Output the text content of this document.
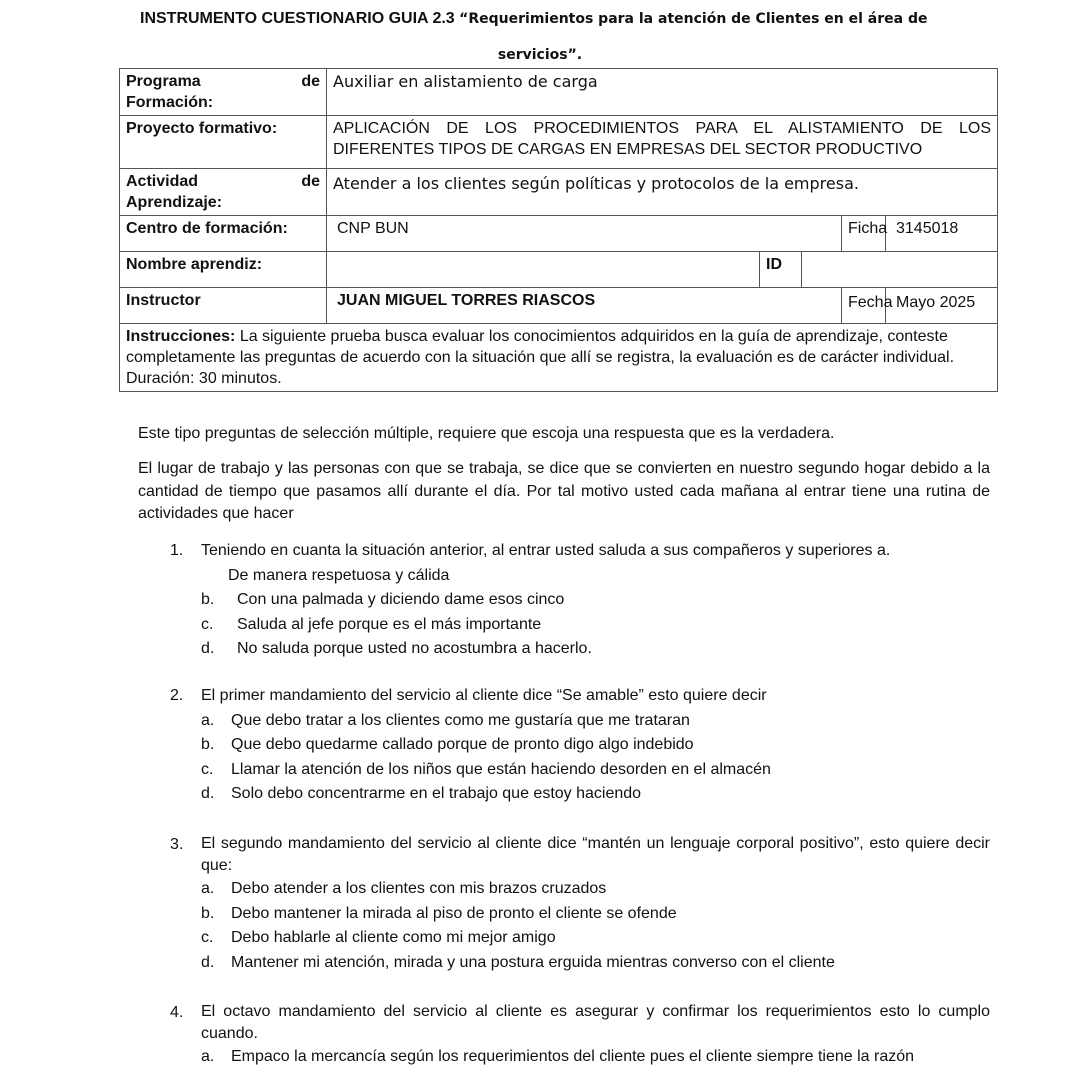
INSTRUMENTO CUESTIONARIO GUIA 2.3 “Requerimientos para la atención de Clientes en el área de
servicios”.
Programa de
Formación:	Auxiliar en alistamiento de carga				
Proyecto formativo:	APLICACIÓN DE LOS PROCEDIMIENTOS PARA EL ALISTAMIENTO DE LOS DIFERENTES TIPOS DE CARGAS EN EMPRESAS DEL SECTOR PRODUCTIVO				

Actividad de
Aprendizaje:	Atender a los clientes según políticas y protocolos de la empresa.				
Centro de formación:	CNP BUN			Ficha	3145018
Nombre aprendiz:		ID			
Instructor	JUAN MIGUEL TORRES RIASCOS			Fecha	Mayo 2025
Instrucciones: La siguiente prueba busca evaluar los conocimientos adquiridos en la guía de aprendizaje, conteste completamente las preguntas de acuerdo con la situación que allí se registra, la evaluación es de carácter individual. Duración: 30 minutos.					

Este tipo preguntas de selección múltiple, requiere que escoja una respuesta que es la verdadera.

El lugar de trabajo y las personas con que se trabaja, se dice que se convierten en nuestro segundo hogar debido a la cantidad de tiempo que pasamos allí durante el día. Por tal motivo usted cada mañana al entrar tiene una rutina de actividades que hacer

1.	Teniendo en cuanta la situación anterior, al entrar usted saluda a sus compañeros y superiores a.
De manera respetuosa y cálida
b.	Con una palmada y diciendo dame esos cinco
c.	Saluda al jefe porque es el más importante
d.	No saluda porque usted no acostumbra a hacerlo.
2.	El primer mandamiento del servicio al cliente dice “Se amable” esto quiere decir
a.	Que debo tratar a los clientes como me gustaría que me trataran
b.	Que debo quedarme callado porque de pronto digo algo indebido
c.	Llamar la atención de los niños que están haciendo desorden en el almacén
d.	Solo debo concentrarme en el trabajo que estoy haciendo
3.	El segundo mandamiento del servicio al cliente dice “mantén un lenguaje corporal positivo”, esto quiere decir que:
a.	Debo atender a los clientes con mis brazos cruzados
b.	Debo mantener la mirada al piso de pronto el cliente se ofende
c.	Debo hablarle al cliente como mi mejor amigo
d.	Mantener mi atención, mirada y una postura erguida mientras converso con el cliente
4.	El octavo mandamiento del servicio al cliente es asegurar y confirmar los requerimientos esto lo cumplo cuando.
a.	Empaco la mercancía según los requerimientos del cliente pues el cliente siempre tiene la razón
